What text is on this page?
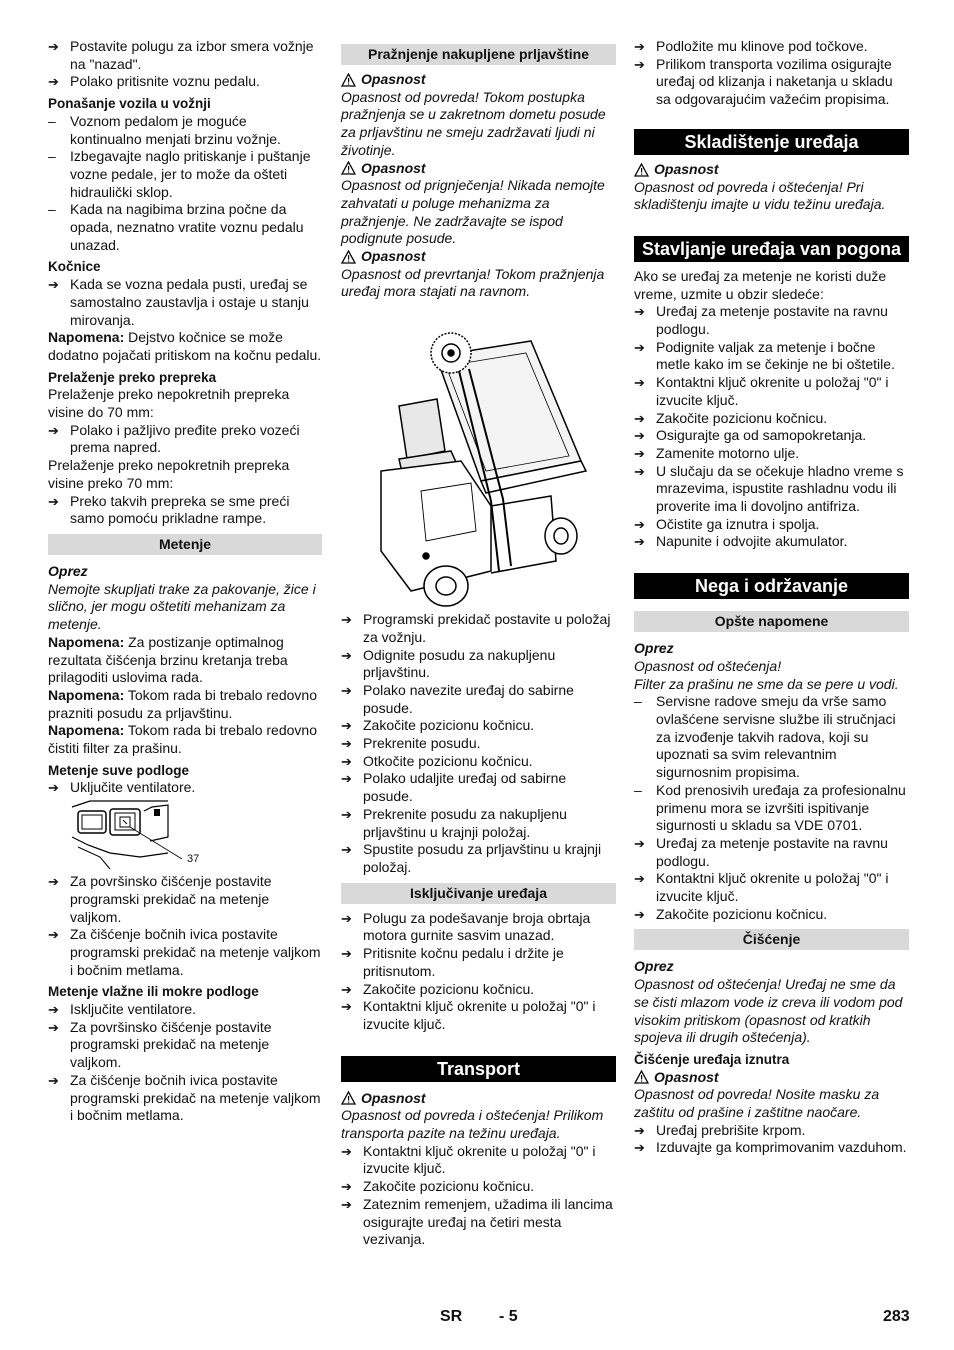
➔ Postavite polugu za izbor smera vožnje na "nazad".
➔ Polako pritisnite voznu pedalu.

Ponašanje vozila u vožnji

–	Voznom pedalom je moguće kontinualno menjati brzinu vožnje.
–	Izbegavajte naglo pritiskanje i puštanje vozne pedale, jer to može da ošteti hidraulički sklop.
–	Kada na nagibima brzina počne da opada, neznatno vratite voznu pedalu unazad.

Kočnice

➔ Kada se vozna pedala pusti, uređaj se samostalno zaustavlja i ostaje u stanju mirovanja.

Napomena: Dejstvo kočnice se može dodatno pojačati pritiskom na kočnu pedalu.

Prelaženje preko prepreka

Prelaženje preko nepokretnih prepreka visine do 70 mm:

➔ Polako i pažljivo pređite preko vozeći prema napred.

Prelaženje preko nepokretnih prepreka visine preko 70 mm:

➔ Preko takvih prepreka se sme preći samo pomoću prikladne rampe.
Metenje

Oprez

Nemojte skupljati trake za pakovanje, žice i slično, jer mogu oštetiti mehanizam za metenje.

Napomena: Za postizanje optimalnog rezultata čišćenja brzinu kretanja treba prilagoditi uslovima rada.

Napomena: Tokom rada bi trebalo redovno prazniti posudu za prljavštinu.

Napomena: Tokom rada bi trebalo redovno čistiti filter za prašinu.

Metenje suve podloge

➔ Uključite ventilatore.
37
➔ Za površinsko čišćenje postavite programski prekidač na metenje valjkom.
➔ Za čišćenje bočnih ivica postavite programski prekidač na metenje valjkom i bočnim metlama.

Metenje vlažne ili mokre podloge

➔ Isključite ventilatore.
➔ Za površinsko čišćenje postavite programski prekidač na metenje valjkom.
➔ Za čišćenje bočnih ivica postavite programski prekidač na metenje valjkom i bočnim metlama.
Pražnjenje nakupljene prljavštine
Opasnost

Opasnost od povreda! Tokom postupka pražnjenja se u zakretnom dometu posude za prljavštinu ne smeju zadržavati ljudi ni životinje.

Opasnost

Opasnost od prignječenja! Nikada nemojte zahvatati u poluge mehanizma za pražnjenje. Ne zadržavajte se ispod podignute posude.

Opasnost

Opasnost od prevrtanja! Tokom pražnjenja uređaj mora stajati na ravnom.

➔ Programski prekidač postavite u položaj za vožnju.
➔ Odignite posudu za nakupljenu prljavštinu.
➔ Polako navezite uređaj do sabirne posude.
➔ Zakočite pozicionu kočnicu.
➔ Prekrenite posudu.
➔ Otkočite pozicionu kočnicu.
➔ Polako udaljite uređaj od sabirne posude.
➔ Prekrenite posudu za nakupljenu prljavštinu u krajnji položaj.
➔ Spustite posudu za prljavštinu u krajnji položaj.
Isključivanje uređaja
➔ Polugu za podešavanje broja obrtaja motora gurnite sasvim unazad.
➔ Pritisnite kočnu pedalu i držite je pritisnutom.
➔ Zakočite pozicionu kočnicu.
➔ Kontaktni ključ okrenite u položaj "0" i izvucite ključ.
Transport
Opasnost

Opasnost od povreda i oštećenja! Prilikom transporta pazite na težinu uređaja.

➔ Kontaktni ključ okrenite u položaj "0" i izvucite ključ.
➔ Zakočite pozicionu kočnicu.
➔ Zateznim remenjem, užadima ili lancima osigurajte uređaj na četiri mesta vezivanja.
➔ Podložite mu klinove pod točkove.
➔ Prilikom transporta vozilima osigurajte uređaj od klizanja i naketanja u skladu sa odgovarajućim važećim propisima.
Skladištenje uređaja
Opasnost

Opasnost od povreda i oštećenja! Pri skladištenju imajte u vidu težinu uređaja.

Stavljanje uređaja van pogona

Ako se uređaj za metenje ne koristi duže vreme, uzmite u obzir sledeće:

➔ Uređaj za metenje postavite na ravnu podlogu.
➔ Podignite valjak za metenje i bočne metle kako im se čekinje ne bi oštetile.
➔ Kontaktni ključ okrenite u položaj "0" i izvucite ključ.
➔ Zakočite pozicionu kočnicu.
➔ Osigurajte ga od samopokretanja.
➔ Zamenite motorno ulje.
➔ U slučaju da se očekuje hladno vreme s mrazevima, ispustite rashladnu vodu ili proverite ima li dovoljno antifriza.
➔ Očistite ga iznutra i spolja.
➔ Napunite i odvojite akumulator.
Nega i održavanje
Opšte napomene

Oprez

Opasnost od oštećenja!

Filter za prašinu ne sme da se pere u vodi.

–	Servisne radove smeju da vrše samo ovlašćene servisne službe ili stručnjaci za izvođenje takvih radova, koji su upoznati sa svim relevantnim sigurnosnim propisima.
–	Kod prenosivih uređaja za profesionalnu primenu mora se izvršiti ispitivanje sigurnosti u skladu sa VDE 0701.
➔ Uređaj za metenje postavite na ravnu podlogu.
➔ Kontaktni ključ okrenite u položaj "0" i izvucite ključ.
➔ Zakočite pozicionu kočnicu.
Čišćenje

Oprez

Opasnost od oštećenja! Uređaj ne sme da se čisti mlazom vode iz creva ili vodom pod visokim pritiskom (opasnost od kratkih spojeva ili drugih oštećenja).

Čišćenje uređaja iznutra

Opasnost

Opasnost od povreda! Nosite masku za zaštitu od prašine i zaštitne naočare.

➔ Uređaj prebrišite krpom.
➔ Izduvajte ga komprimovanim vazduhom.
SR - 5	283
